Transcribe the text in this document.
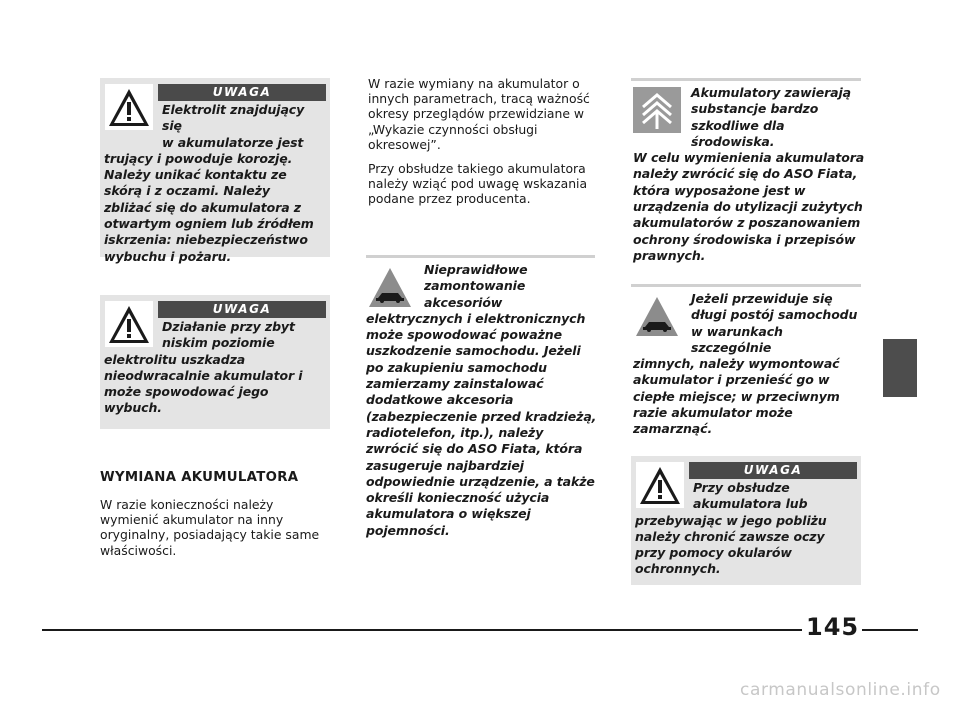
UWAGA
Elektrolit znajdujący się
w akumulatorze jest
trujący i powoduje korozję.
Należy unikać kontaktu ze
skórą i z oczami. Należy
zbliżać się do akumulatora z
otwartym ogniem lub źródłem
iskrzenia: niebezpieczeństwo
wybuchu i pożaru.
UWAGA
Działanie przy zbyt
niskim poziomie
elektrolitu uszkadza
nieodwracalnie akumulator i
może spowodować jego
wybuch.
WYMIANA AKUMULATORA
W razie konieczności należy
wymienić akumulator na inny
oryginalny, posiadający takie same
właściwości.

W razie wymiany na akumulator o
innych parametrach, tracą ważność
okresy przeglądów przewidziane w
„Wykazie czynności obsługi
okresowej”.

Przy obsłudze takiego akumulatora
należy wziąć pod uwagę wskazania
podane przez producenta.

Nieprawidłowe
zamontowanie
akcesoriów
elektrycznych i elektronicznych
może spowodować poważne
uszkodzenie samochodu. Jeżeli
po zakupieniu samochodu
zamierzamy zainstalować
dodatkowe akcesoria
(zabezpieczenie przed kradzieżą,
radiotelefon, itp.), należy
zwrócić się do ASO Fiata, która
zasugeruje najbardziej
odpowiednie urządzenie, a także
określi konieczność użycia
akumulatora o większej
pojemności.
Akumulatory zawierają
substancje bardzo
szkodliwe dla środowiska.
W celu wymienienia akumulatora
należy zwrócić się do ASO Fiata,
która wyposażone jest w
urządzenia do utylizacji zużytych
akumulatorów z poszanowaniem
ochrony środowiska i przepisów
prawnych.
Jeżeli przewiduje się
długi postój samochodu
w warunkach szczególnie
zimnych, należy wymontować
akumulator i przenieść go w
ciepłe miejsce; w przeciwnym
razie akumulator może
zamarznąć.
UWAGA
Przy obsłudze
akumulatora lub
przebywając w jego pobliżu
należy chronić zawsze oczy
przy pomocy okularów
ochronnych.
145
carmanualsonline.info
